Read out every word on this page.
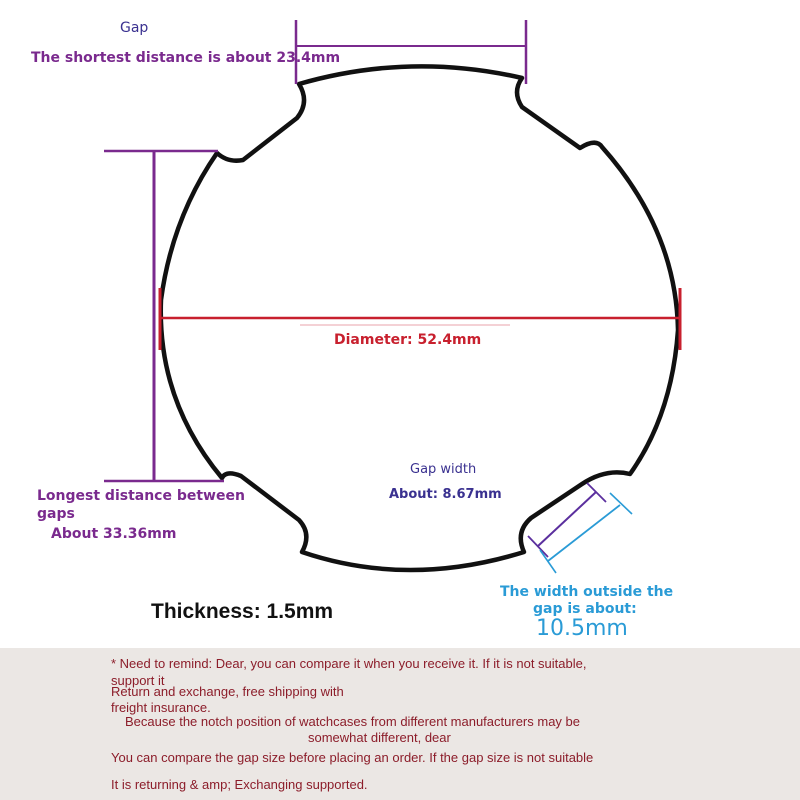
Gap
The shortest distance is about 23.4mm
Diameter: 52.4mm
Longest distance between
gaps
About 33.36mm
Gap width
About: 8.67mm
The width outside the
gap is about:
10.5mm
Thickness: 1.5mm
* Need to remind: Dear, you can compare it when you receive it. If it is not suitable,
support it
Return and exchange, free shipping with
freight insurance.
Because the notch position of watchcases from different manufacturers may be
somewhat different, dear
You can compare the gap size before placing an order. If the gap size is not suitable
It is returning & amp; Exchanging supported.
